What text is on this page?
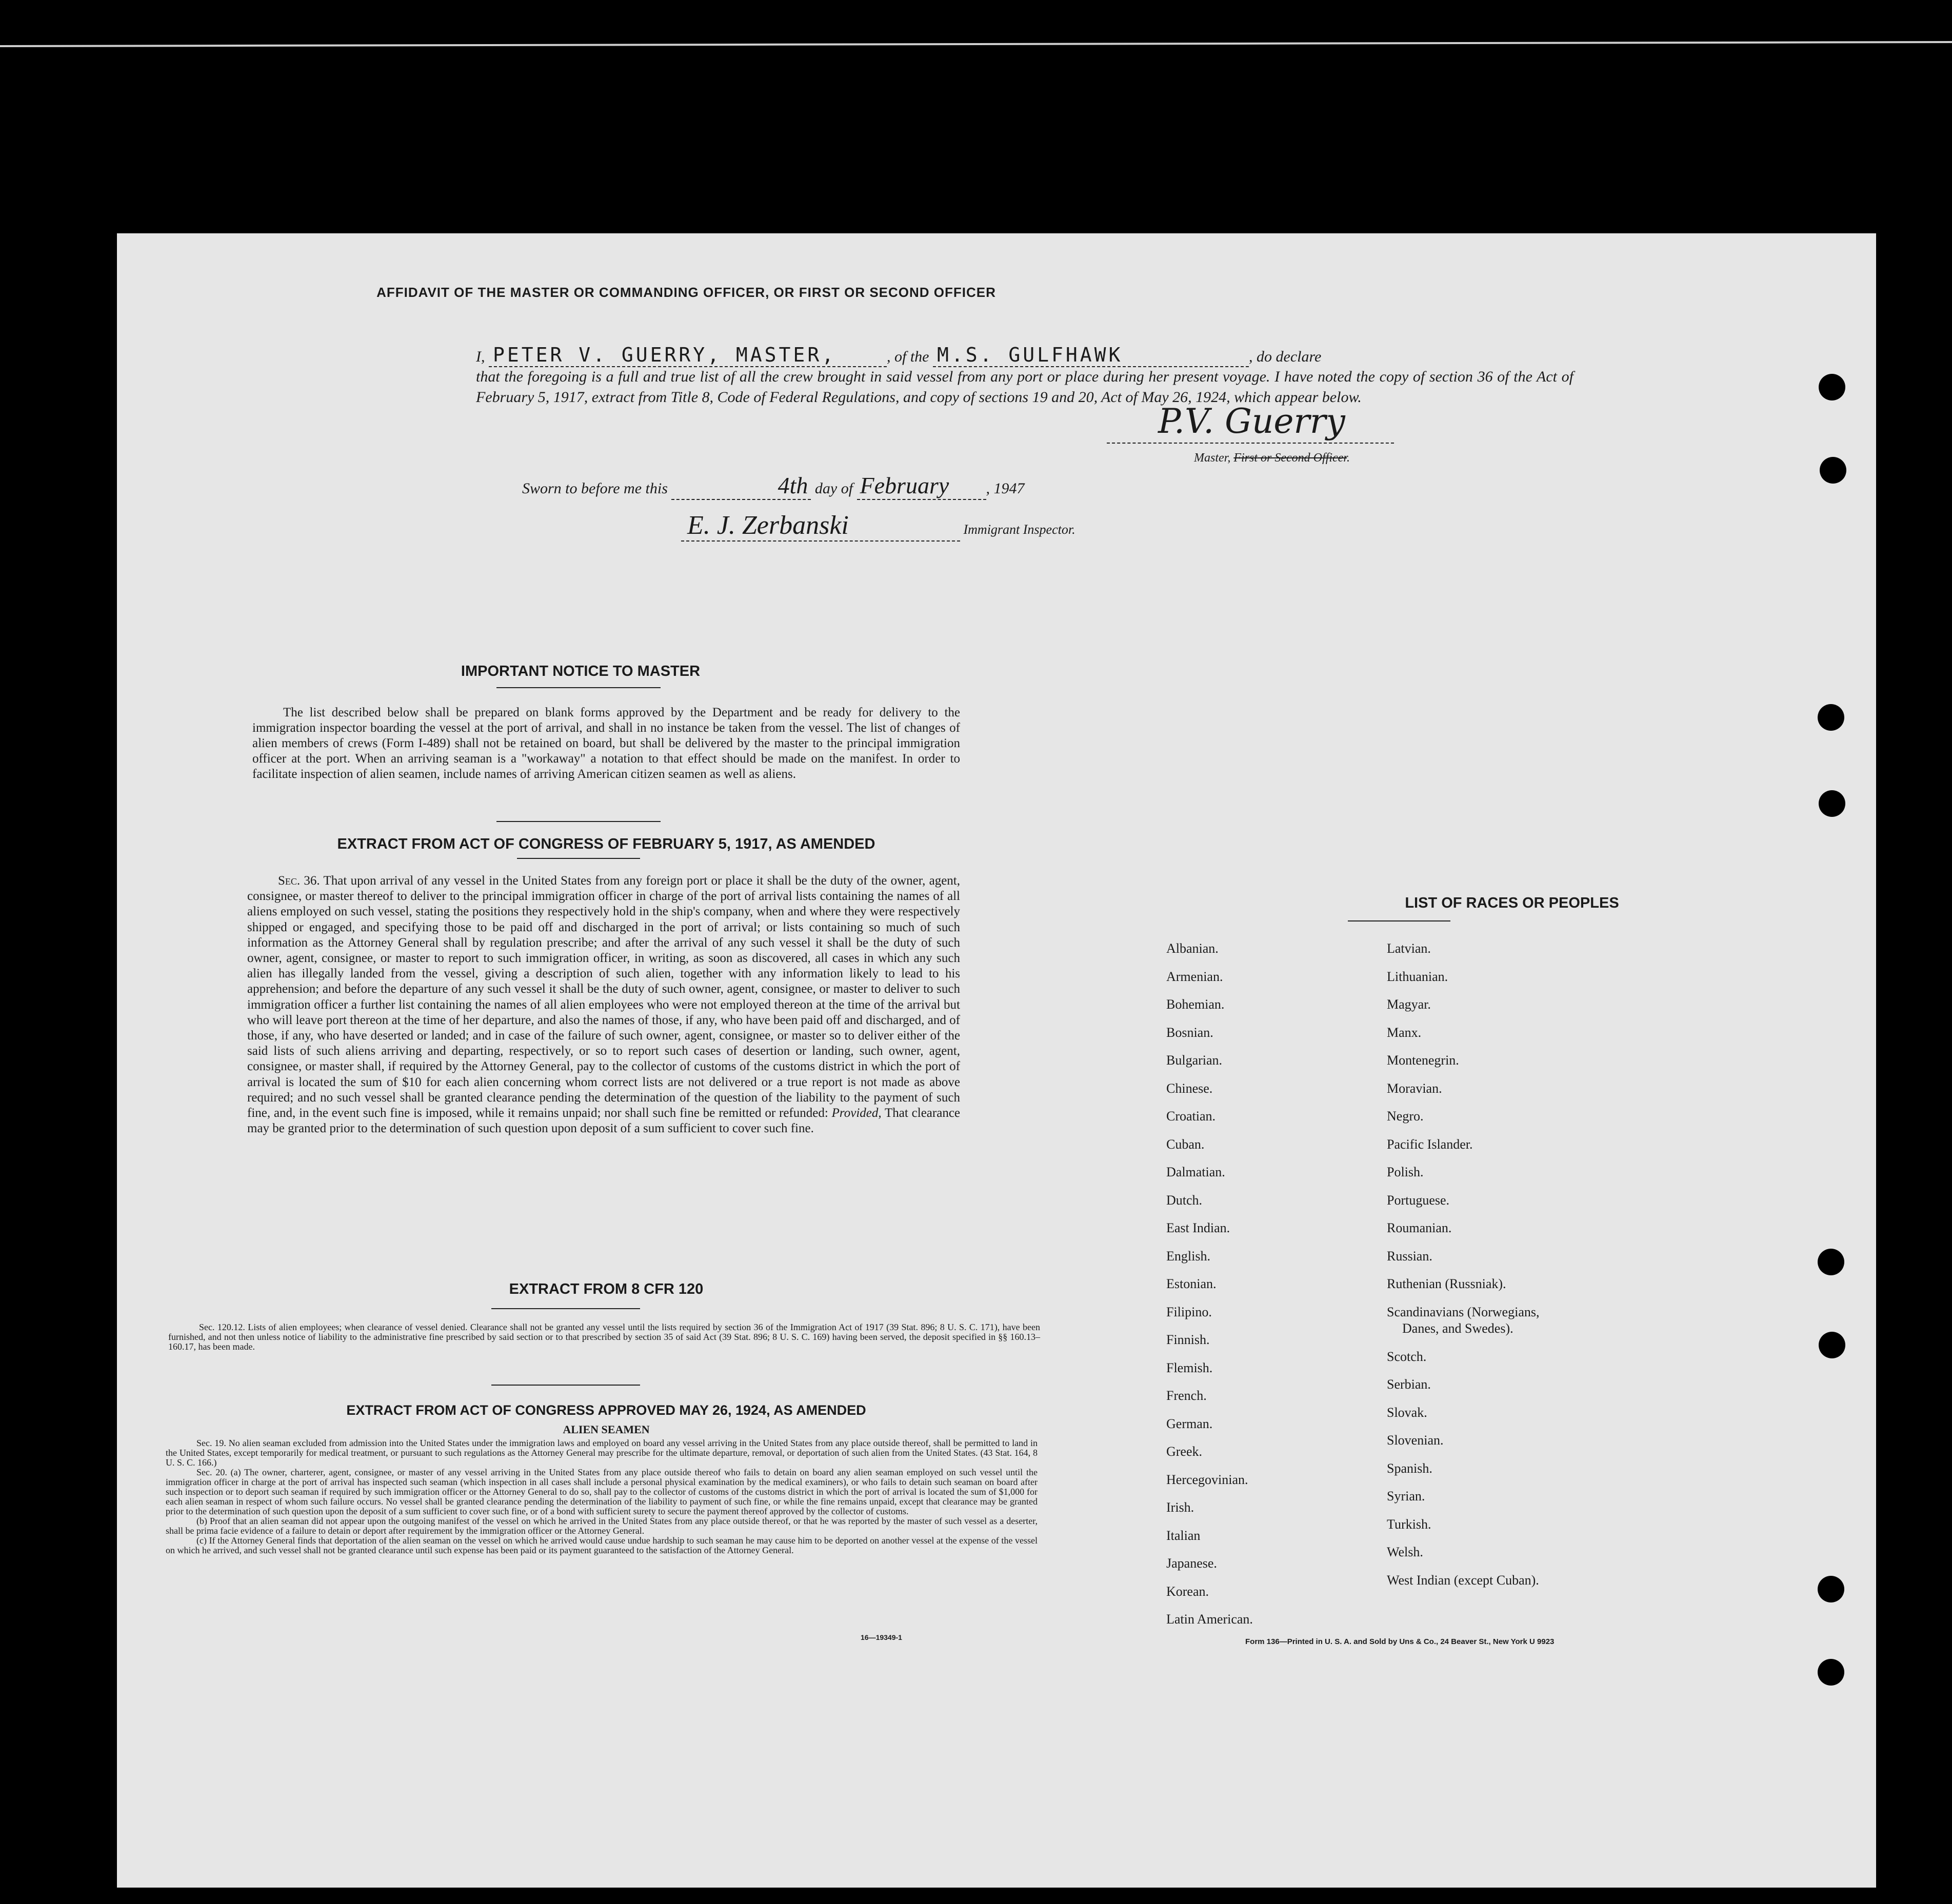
AFFIDAVIT OF THE MASTER OR COMMANDING OFFICER, OR FIRST OR SECOND OFFICER
I, PETER V. GUERRY, MASTER,	, of the M.S. GULFHAWK	, do declare
that the foregoing is a full and true list of all the crew brought in said vessel from any port or place during her present voyage. I have noted the copy of section 36 of the Act of February 5, 1917, extract from Title 8, Code of Federal Regulations, and copy of sections 19 and 20, Act of May 26, 1924, which appear below.
P.V. Guerry
Master, First or Second Officer.
Sworn to before me this	4th day of February , 1947
E. J. Zerbanski	Immigrant Inspector.
IMPORTANT NOTICE TO MASTER
The list described below shall be prepared on blank forms approved by the Department and be ready for delivery to the immigration inspector boarding the vessel at the port of arrival, and shall in no instance be taken from the vessel. The list of changes of alien members of crews (Form I-489) shall not be retained on board, but shall be delivered by the master to the principal immigration officer at the port. When an arriving seaman is a "workaway" a notation to that effect should be made on the manifest. In order to facilitate inspection of alien seamen, include names of arriving American citizen seamen as well as aliens.
EXTRACT FROM ACT OF CONGRESS OF FEBRUARY 5, 1917, AS AMENDED
Sec. 36. That upon arrival of any vessel in the United States from any foreign port or place it shall be the duty of the owner, agent, consignee, or master thereof to deliver to the principal immigration officer in charge of the port of arrival lists containing the names of all aliens employed on such vessel, stating the positions they respectively hold in the ship's company, when and where they were respectively shipped or engaged, and specifying those to be paid off and discharged in the port of arrival; or lists containing so much of such information as the Attorney General shall by regulation prescribe; and after the arrival of any such vessel it shall be the duty of such owner, agent, consignee, or master to report to such immigration officer, in writing, as soon as discovered, all cases in which any such alien has illegally landed from the vessel, giving a description of such alien, together with any information likely to lead to his apprehension; and before the departure of any such vessel it shall be the duty of such owner, agent, consignee, or master to deliver to such immigration officer a further list containing the names of all alien employees who were not employed thereon at the time of the arrival but who will leave port thereon at the time of her departure, and also the names of those, if any, who have been paid off and discharged, and of those, if any, who have deserted or landed; and in case of the failure of such owner, agent, consignee, or master so to deliver either of the said lists of such aliens arriving and departing, respectively, or so to report such cases of desertion or landing, such owner, agent, consignee, or master shall, if required by the Attorney General, pay to the collector of customs of the customs district in which the port of arrival is located the sum of $10 for each alien concerning whom correct lists are not delivered or a true report is not made as above required; and no such vessel shall be granted clearance pending the determination of the question of the liability to the payment of such fine, and, in the event such fine is imposed, while it remains unpaid; nor shall such fine be remitted or refunded: Provided, That clearance may be granted prior to the determination of such question upon deposit of a sum sufficient to cover such fine.
EXTRACT FROM 8 CFR 120
Sec. 120.12. Lists of alien employees; when clearance of vessel denied. Clearance shall not be granted any vessel until the lists required by section 36 of the Immigration Act of 1917 (39 Stat. 896; 8 U. S. C. 171), have been furnished, and not then unless notice of liability to the administrative fine prescribed by said section or to that prescribed by section 35 of said Act (39 Stat. 896; 8 U. S. C. 169) having been served, the deposit specified in §§ 160.13–160.17, has been made.
EXTRACT FROM ACT OF CONGRESS APPROVED MAY 26, 1924, AS AMENDED
ALIEN SEAMEN
Sec. 19. No alien seaman excluded from admission into the United States under the immigration laws and employed on board any vessel arriving in the United States from any place outside thereof, shall be permitted to land in the United States, except temporarily for medical treatment, or pursuant to such regulations as the Attorney General may prescribe for the ultimate departure, removal, or deportation of such alien from the United States. (43 Stat. 164, 8 U. S. C. 166.)
Sec. 20. (a) The owner, charterer, agent, consignee, or master of any vessel arriving in the United States from any place outside thereof who fails to detain on board any alien seaman employed on such vessel until the immigration officer in charge at the port of arrival has inspected such seaman (which inspection in all cases shall include a personal physical examination by the medical examiners), or who fails to detain such seaman on board after such inspection or to deport such seaman if required by such immigration officer or the Attorney General to do so, shall pay to the collector of customs of the customs district in which the port of arrival is located the sum of $1,000 for each alien seaman in respect of whom such failure occurs. No vessel shall be granted clearance pending the determination of the liability to payment of such fine, or while the fine remains unpaid, except that clearance may be granted prior to the determination of such question upon the deposit of a sum sufficient to cover such fine, or of a bond with sufficient surety to secure the payment thereof approved by the collector of customs.
(b) Proof that an alien seaman did not appear upon the outgoing manifest of the vessel on which he arrived in the United States from any place outside thereof, or that he was reported by the master of such vessel as a deserter, shall be prima facie evidence of a failure to detain or deport after requirement by the immigration officer or the Attorney General.
(c) If the Attorney General finds that deportation of the alien seaman on the vessel on which he arrived would cause undue hardship to such seaman he may cause him to be deported on another vessel at the expense of the vessel on which he arrived, and such vessel shall not be granted clearance until such expense has been paid or its payment guaranteed to the satisfaction of the Attorney General.
16—19349-1
LIST OF RACES OR PEOPLES
Albanian.
Armenian.
Bohemian.
Bosnian.
Bulgarian.
Chinese.
Croatian.
Cuban.
Dalmatian.
Dutch.
East Indian.
English.
Estonian.
Filipino.
Finnish.
Flemish.
French.
German.
Greek.
Hercegovinian.
Irish.
Italian
Japanese.
Korean.
Latin American.
Latvian.
Lithuanian.
Magyar.
Manx.
Montenegrin.
Moravian.
Negro.
Pacific Islander.
Polish.
Portuguese.
Roumanian.
Russian.
Ruthenian (Russniak).
Scandinavians (Norwegians,
Danes, and Swedes).
Scotch.
Serbian.
Slovak.
Slovenian.
Spanish.
Syrian.
Turkish.
Welsh.
West Indian (except Cuban).
Form 136—Printed in U. S. A. and Sold by Uns & Co., 24 Beaver St., New York U 9923
